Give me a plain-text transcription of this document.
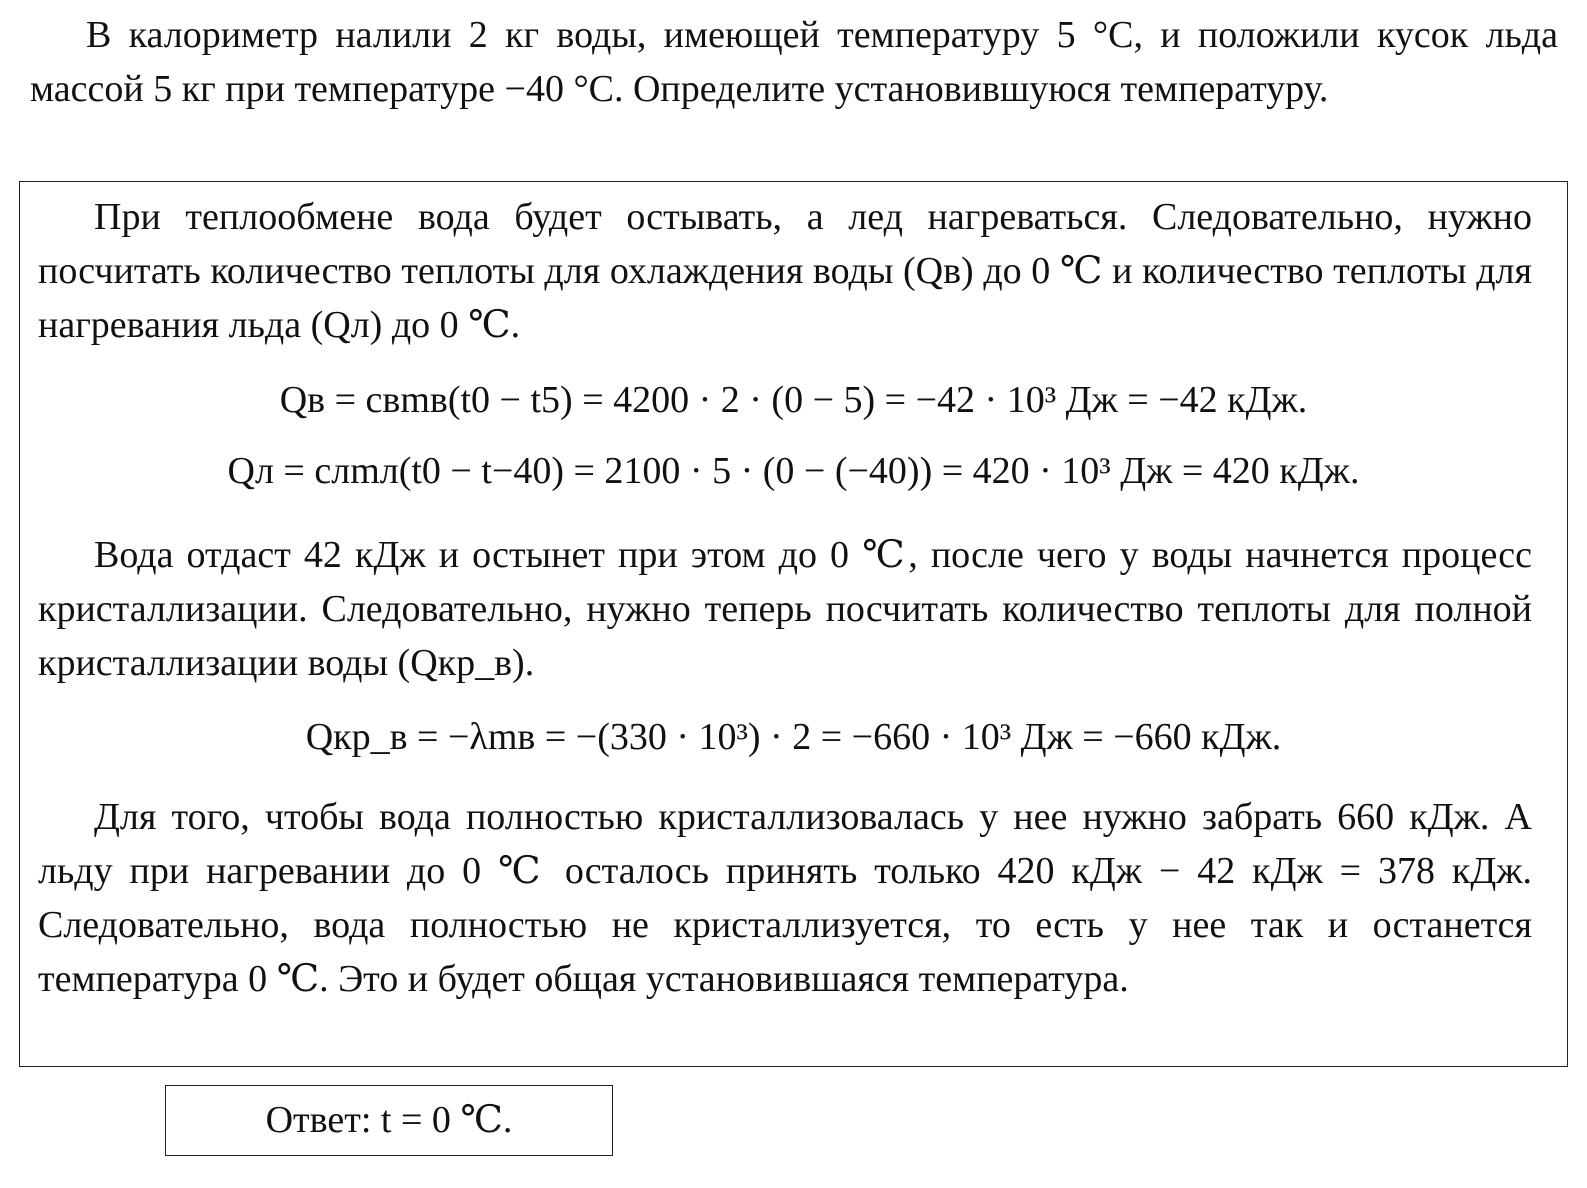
В калориметр налили 2 кг воды, имеющей температуру 5 °С, и положили кусок льда массой 5 кг при температуре −40 °С. Определите установившуюся температуру.
При теплообмене вода будет остывать, а лед нагреваться. Следовательно, нужно посчитать количество теплоты для охлаждения воды (Qв) до 0 ℃ и количество теплоты для нагревания льда (Qл) до 0 ℃.
Qв = cвmв(t0 − t5) = 4200 · 2 · (0 − 5) = −42 · 10³ Дж = −42 кДж.
Qл = cлmл(t0 − t−40) = 2100 · 5 · (0 − (−40)) = 420 · 10³ Дж = 420 кДж.
Вода отдаст 42 кДж и остынет при этом до 0 ℃, после чего у воды начнется процесс кристаллизации. Следовательно, нужно теперь посчитать количество теплоты для полной кристаллизации воды (Qкр_в).
Qкр_в = −λmв = −(330 · 10³) · 2 = −660 · 10³ Дж = −660 кДж.
Для того, чтобы вода полностью кристаллизовалась у нее нужно забрать 660 кДж. А льду при нагревании до 0 ℃ осталось принять только 420 кДж − 42 кДж = 378 кДж. Следовательно, вода полностью не кристаллизуется, то есть у нее так и останется температура 0 ℃. Это и будет общая установившаяся температура.
Ответ: t = 0 ℃.
